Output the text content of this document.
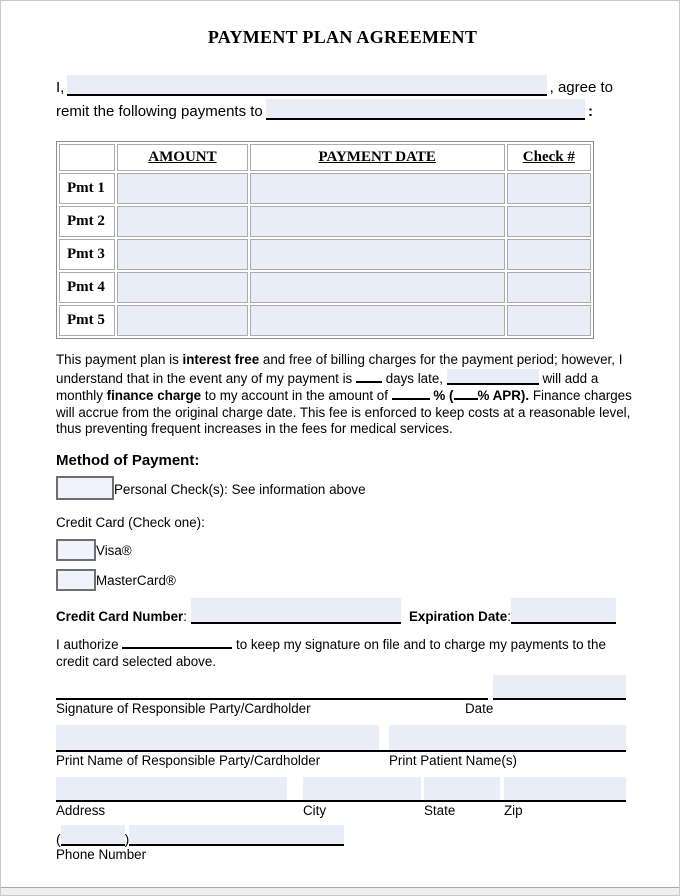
PAYMENT PLAN AGREEMENT
I,	, agree to
remit the following payments to	:
	AMOUNT	PAYMENT DATE	Check #
Pmt 1			
Pmt 2			
Pmt 3			
Pmt 4			
Pmt 5			

This payment plan is interest free and free of billing charges for the payment period; however, I understand that in the event any of my payment is  days late,	will add a monthly finance charge to my account in the amount of	% ( % APR). Finance charges will accrue from the original charge date. This fee is enforced to keep costs at a reasonable level, thus preventing frequent increases in the fees for medical services.

Method of Payment:
Personal Check(s): See information above
Credit Card (Check one):
Visa®
MasterCard®
Credit Card Number :	Expiration Date :

I authorize	to keep my signature on file and to charge my payments to the credit card selected above.

Signature of Responsible Party/Cardholder	Date
Print Name of Responsible Party/Cardholder	Print Patient Name(s)
Address	City	State	Zip
(	)
Phone Number
